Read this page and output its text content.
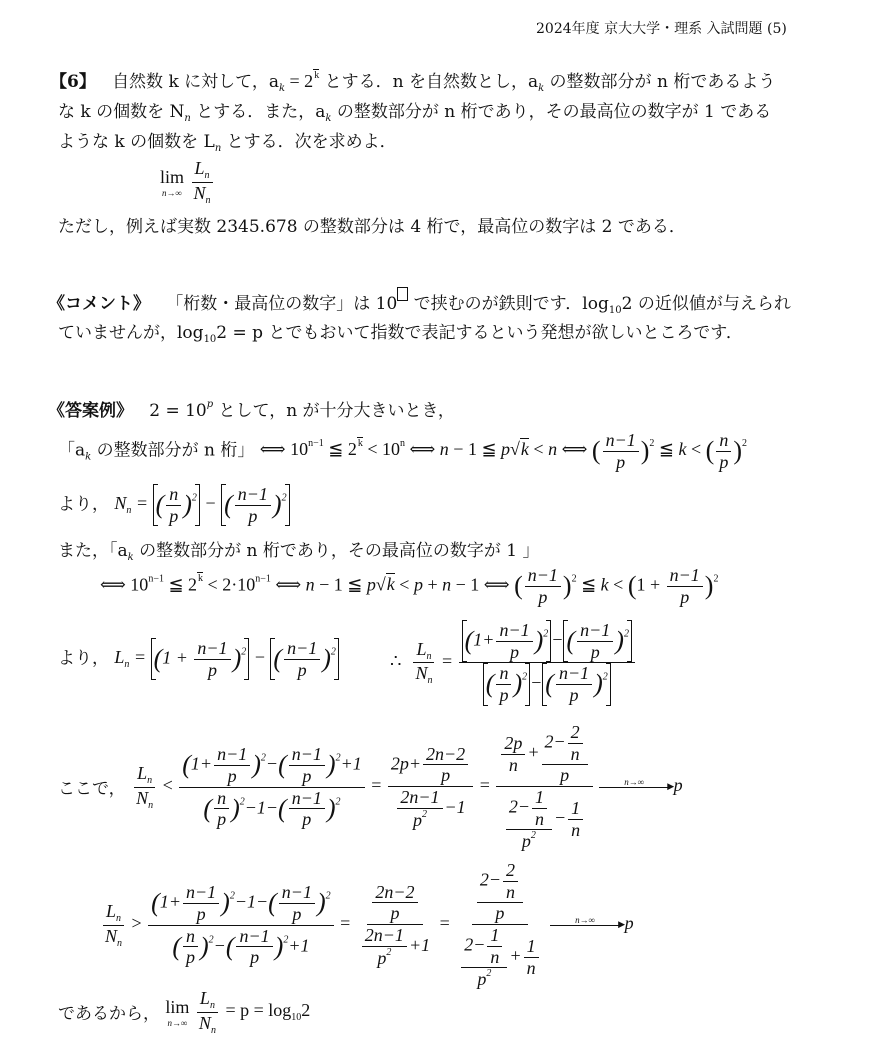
2024年度 京大大学・理系 入試問題 (5)
【6】 自然数 k に対して，$a_k = 2^k$ とする．n を自然数とし，$a_k$ の整数部分が n 桁であるよう
な k の個数を $N_n$ とする．また，$a_k$ の整数部分が n 桁であり，その最高位の数字が 1 である
ような k の個数を $L_n$ とする．次を求めよ．
lim
n→∞
$\frac{L_n}{N_n}$
ただし，例えば実数 2345.678 の整数部分は 4 桁で，最高位の数字は 2 である．
《コメント》 「桁数・最高位の数字」は 10 で挟むのが鉄則です．$\log_{10}2$ の近似値が与えられ
ていませんが，$\log_{10}2 = p$ とでもおいて指数で表記するという発想が欲しいところです．
《答案例》 $2 = 10^p$ として，n が十分大きいとき，
「$a_k$ の整数部分が n 桁」 ⟺ $10^{n-1}$ ≦ $2^k < 10^n$ ⟺ n − 1 ≦ p√k < n ⟺ ( $\frac{n-1}{p} )^2$ ≦ k < ( $\frac{n}{p} )^2$
より， $N_n$ = ( $\frac{n}{p} )^2$ − ( $\frac{n-1}{p} )^2$
また，「$a_k$ の整数部分が n 桁であり，その最高位の数字が 1 」
⟺ $10^{n-1}$ ≦ $2^k < 2\cdot 10^{n-1}$ ⟺ n − 1 ≦ p√k < p + n − 1 ⟺ ( $\frac{n-1}{p} )^2$ ≦ $k < (1 + \frac{n-1}{p} )^2$
より， $L_n = (1 + \frac{n-1}{p} )^2$ − ( $\frac{n-1}{p} )^2$	∴ $\frac{L_n}{N_n} = \frac{(1+ \frac{n-1}{p} )^2 - ( \frac{n-1}{p} )^2}{( \frac{n}{p} )^2 - ( \frac{n-1}{p} )^2}$
ここで， $\frac{L_n}{N_n} < \frac{(1+ \frac{n-1}{p} )^2-( \frac{n-1}{p} )^2+1}{( \frac{n}{p} )^2-1-( \frac{n-1}{p} )^2} = \frac{2p+ \frac{2n-2}{p}}{\frac{2n-1}{p^2} -1} = \frac{\frac{2p}{n} + \frac{2- \frac{2}{n}}{p}}{\frac{2- \frac{1}{n}}{p^2} - \frac{1}{n}}$
	n→∞ ▶
p
$\frac{L_n}{N_n} > \frac{(1+ \frac{n-1}{p} )^2-1-( \frac{n-1}{p} )^2}{( \frac{n}{p} )^2-( \frac{n-1}{p} )^2+1} = \frac{\frac{2n-2}{p}}{\frac{2n-1}{p^2} +1} = \frac{\frac{2- \frac{2}{n}}{p}}{\frac{2- \frac{1}{n}}{p^2} + \frac{1}{n}}$
	n→∞ ▶
p
であるから， lim
n→∞
$\frac{L_n}{N_n} = p = \log_{10}2$
